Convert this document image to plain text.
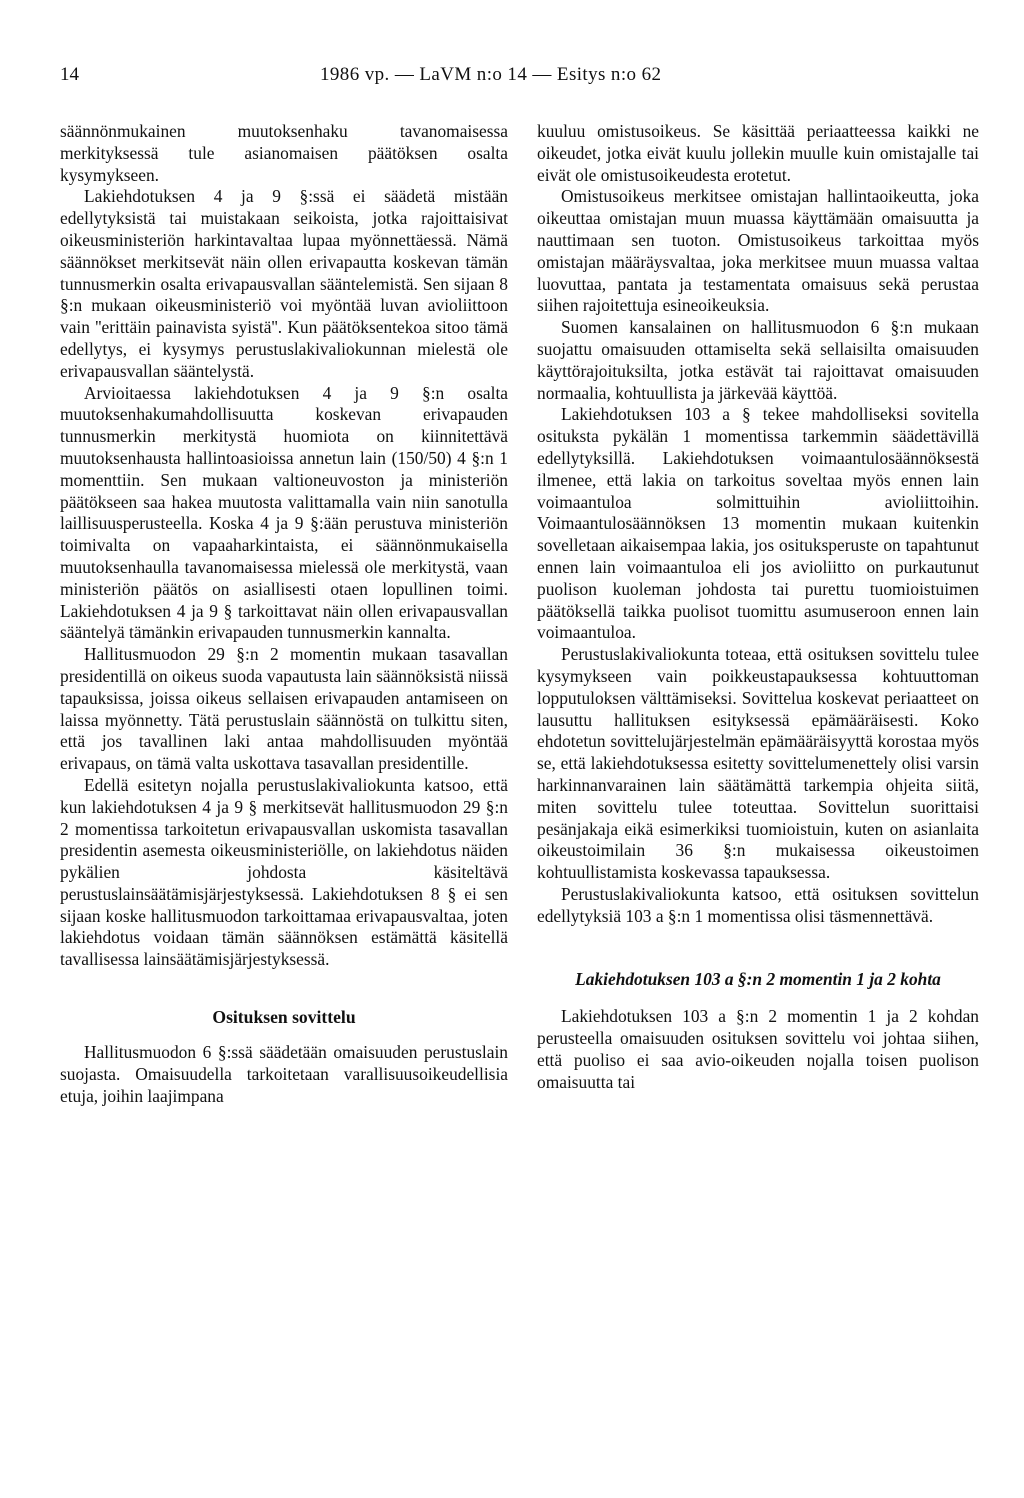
14	1986 vp. — LaVM n:o 14 — Esitys n:o 62

säännönmukainen muutoksenhaku tavanomaisessa merkityksessä tule asianomaisen päätöksen osalta kysymykseen.

Lakiehdotuksen 4 ja 9 §:ssä ei säädetä mistään edellytyksistä tai muistakaan seikoista, jotka rajoittaisivat oikeusministeriön harkintavaltaa lupaa myönnettäessä. Nämä säännökset merkitsevät näin ollen erivapautta koskevan tämän tunnusmerkin osalta erivapausvallan sääntelemistä. Sen sijaan 8 §:n mukaan oikeusministeriö voi myöntää luvan avioliittoon vain ''erittäin painavista syistä''. Kun päätöksentekoa sitoo tämä edellytys, ei kysymys perustuslakivaliokunnan mielestä ole erivapausvallan sääntelystä.

Arvioitaessa lakiehdotuksen 4 ja 9 §:n osalta muutoksenhakumahdollisuutta koskevan erivapauden tunnusmerkin merkitystä huomiota on kiinnitettävä muutoksenhausta hallintoasioissa annetun lain (150/50) 4 §:n 1 momenttiin. Sen mukaan valtioneuvoston ja ministeriön päätökseen saa hakea muutosta valittamalla vain niin sanotulla laillisuusperusteella. Koska 4 ja 9 §:ään perustuva ministeriön toimivalta on vapaaharkintaista, ei säännönmukaisella muutoksenhaulla tavanomaisessa mielessä ole merkitystä, vaan ministeriön päätös on asiallisesti otaen lopullinen toimi. Lakiehdotuksen 4 ja 9 § tarkoittavat näin ollen erivapausvallan sääntelyä tämänkin erivapauden tunnusmerkin kannalta.

Hallitusmuodon 29 §:n 2 momentin mukaan tasavallan presidentillä on oikeus suoda vapautusta lain säännöksistä niissä tapauksissa, joissa oikeus sellaisen erivapauden antamiseen on laissa myönnetty. Tätä perustuslain säännöstä on tulkittu siten, että jos tavallinen laki antaa mahdollisuuden myöntää erivapaus, on tämä valta uskottava tasavallan presidentille.

Edellä esitetyn nojalla perustuslakivaliokunta katsoo, että kun lakiehdotuksen 4 ja 9 § merkitsevät hallitusmuodon 29 §:n 2 momentissa tarkoitetun erivapausvallan uskomista tasavallan presidentin asemesta oikeusministeriölle, on lakiehdotus näiden pykälien johdosta käsiteltävä perustuslainsäätämisjärjestyksessä. Lakiehdotuksen 8 § ei sen sijaan koske hallitusmuodon tarkoittamaa erivapausvaltaa, joten lakiehdotus voidaan tämän säännöksen estämättä käsitellä tavallisessa lainsäätämisjärjestyksessä.

Osituksen sovittelu

Hallitusmuodon 6 §:ssä säädetään omaisuuden perustuslain suojasta. Omaisuudella tarkoitetaan varallisuusoikeudellisia etuja, joihin laajimpana

kuuluu omistusoikeus. Se käsittää periaatteessa kaikki ne oikeudet, jotka eivät kuulu jollekin muulle kuin omistajalle tai eivät ole omistusoikeudesta erotetut.

Omistusoikeus merkitsee omistajan hallintaoikeutta, joka oikeuttaa omistajan muun muassa käyttämään omaisuutta ja nauttimaan sen tuoton. Omistusoikeus tarkoittaa myös omistajan määräysvaltaa, joka merkitsee muun muassa valtaa luovuttaa, pantata ja testamentata omaisuus sekä perustaa siihen rajoitettuja esineoikeuksia.

Suomen kansalainen on hallitusmuodon 6 §:n mukaan suojattu omaisuuden ottamiselta sekä sellaisilta omaisuuden käyttörajoituksilta, jotka estävät tai rajoittavat omaisuuden normaalia, kohtuullista ja järkevää käyttöä.

Lakiehdotuksen 103 a § tekee mahdolliseksi sovitella osituksta pykälän 1 momentissa tarkemmin säädettävillä edellytyksillä. Lakiehdotuksen voimaantulosäännöksestä ilmenee, että lakia on tarkoitus soveltaa myös ennen lain voimaantuloa solmittuihin avioliittoihin. Voimaantulosäännöksen 13 momentin mukaan kuitenkin sovelletaan aikaisempaa lakia, jos osituksperuste on tapahtunut ennen lain voimaantuloa eli jos avioliitto on purkautunut puolison kuoleman johdosta tai purettu tuomioistuimen päätöksellä taikka puolisot tuomittu asumuseroon ennen lain voimaantuloa.

Perustuslakivaliokunta toteaa, että osituksen sovittelu tulee kysymykseen vain poikkeustapauksessa kohtuuttoman lopputuloksen välttämiseksi. Sovittelua koskevat periaatteet on lausuttu hallituksen esityksessä epämääräisesti. Koko ehdotetun sovittelujärjestelmän epämääräisyyttä korostaa myös se, että lakiehdotuksessa esitetty sovittelumenettely olisi varsin harkinnanvarainen lain säätämättä tarkempia ohjeita siitä, miten sovittelu tulee toteuttaa. Sovittelun suorittaisi pesänjakaja eikä esimerkiksi tuomioistuin, kuten on asianlaita oikeustoimilain 36 §:n mukaisessa oikeustoimen kohtuullistamista koskevassa tapauksessa.

Perustuslakivaliokunta katsoo, että osituksen sovittelun edellytyksiä 103 a §:n 1 momentissa olisi täsmennettävä.

Lakiehdotuksen 103 a §:n 2 momentin 1 ja 2 kohta

Lakiehdotuksen 103 a §:n 2 momentin 1 ja 2 kohdan perusteella omaisuuden osituksen sovittelu voi johtaa siihen, että puoliso ei saa avio-oikeuden nojalla toisen puolison omaisuutta tai
